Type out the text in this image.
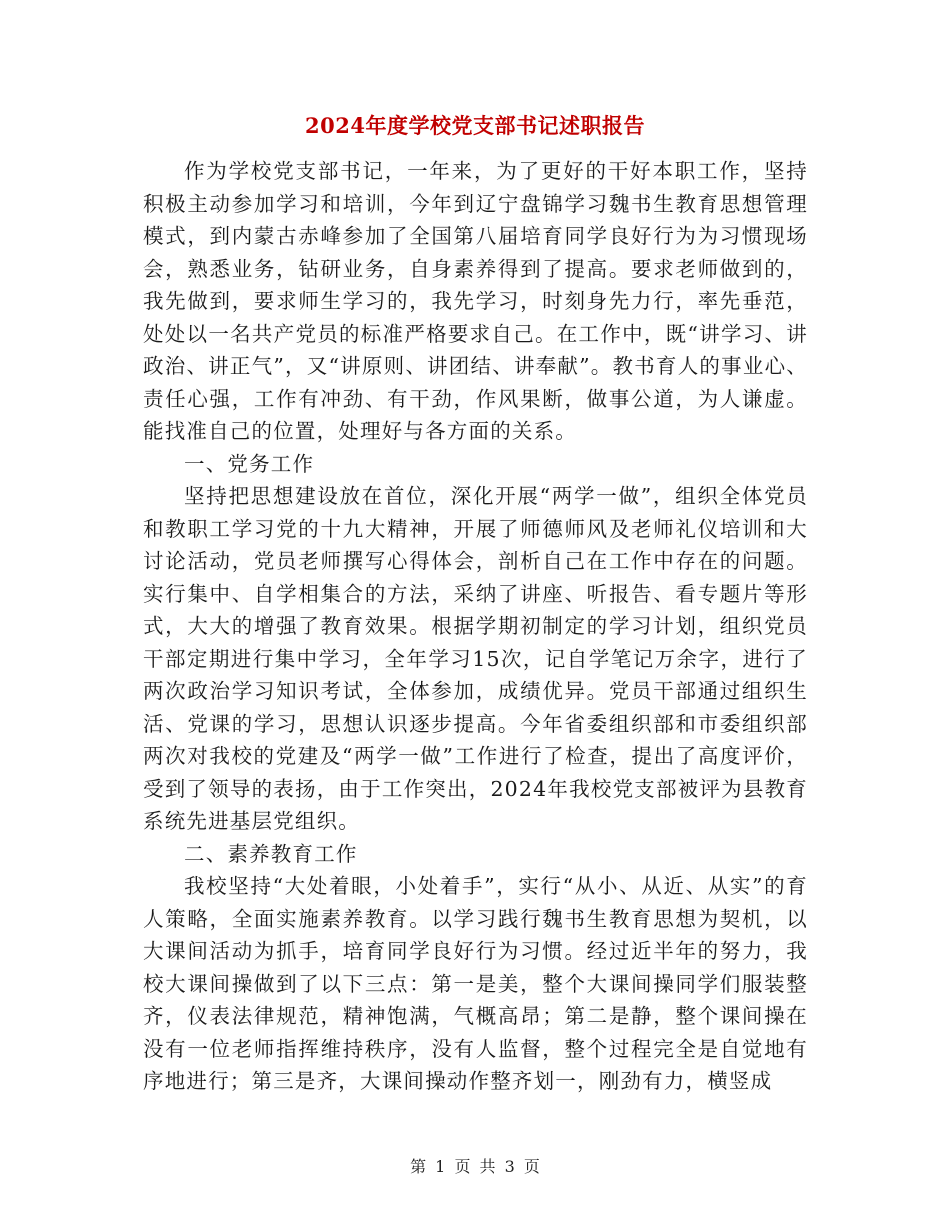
2024年度学校党支部书记述职报告

作为学校党支部书记，一年来，为了更好的干好本职工作，坚持积极主动参加学习和培训，今年到辽宁盘锦学习魏书生教育思想管理模式，到内蒙古赤峰参加了全国第八届培育同学良好行为为习惯现场会，熟悉业务，钻研业务，自身素养得到了提高。要求老师做到的，我先做到，要求师生学习的，我先学习，时刻身先力行，率先垂范，处处以一名共产党员的标准严格要求自己。在工作中，既“讲学习、讲政治、讲正气”，又“讲原则、讲团结、讲奉献”。教书育人的事业心、责任心强，工作有冲劲、有干劲，作风果断，做事公道，为人谦虚。能找准自己的位置，处理好与各方面的关系。

一、党务工作

坚持把思想建设放在首位，深化开展“两学一做”，组织全体党员和教职工学习党的十九大精神，开展了师德师风及老师礼仪培训和大讨论活动，党员老师撰写心得体会，剖析自己在工作中存在的问题。实行集中、自学相集合的方法，采纳了讲座、听报告、看专题片等形式，大大的增强了教育效果。根据学期初制定的学习计划，组织党员干部定期进行集中学习，全年学习15次，记自学笔记万余字，进行了两次政治学习知识考试，全体参加，成绩优异。党员干部通过组织生活、党课的学习，思想认识逐步提高。今年省委组织部和市委组织部两次对我校的党建及“两学一做”工作进行了检查，提出了高度评价，受到了领导的表扬，由于工作突出，2024年我校党支部被评为县教育系统先进基层党组织。

二、素养教育工作

我校坚持“大处着眼，小处着手”，实行“从小、从近、从实”的育人策略，全面实施素养教育。以学习践行魏书生教育思想为契机，以大课间活动为抓手，培育同学良好行为习惯。经过近半年的努力，我校大课间操做到了以下三点：第一是美，整个大课间操同学们服装整齐，仪表法律规范，精神饱满，气概高昂；第二是静，整个课间操在没有一位老师指挥维持秩序，没有人监督，整个过程完全是自觉地有序地进行；第三是齐，大课间操动作整齐划一，刚劲有力，横竖成

第 1 页 共 3 页
